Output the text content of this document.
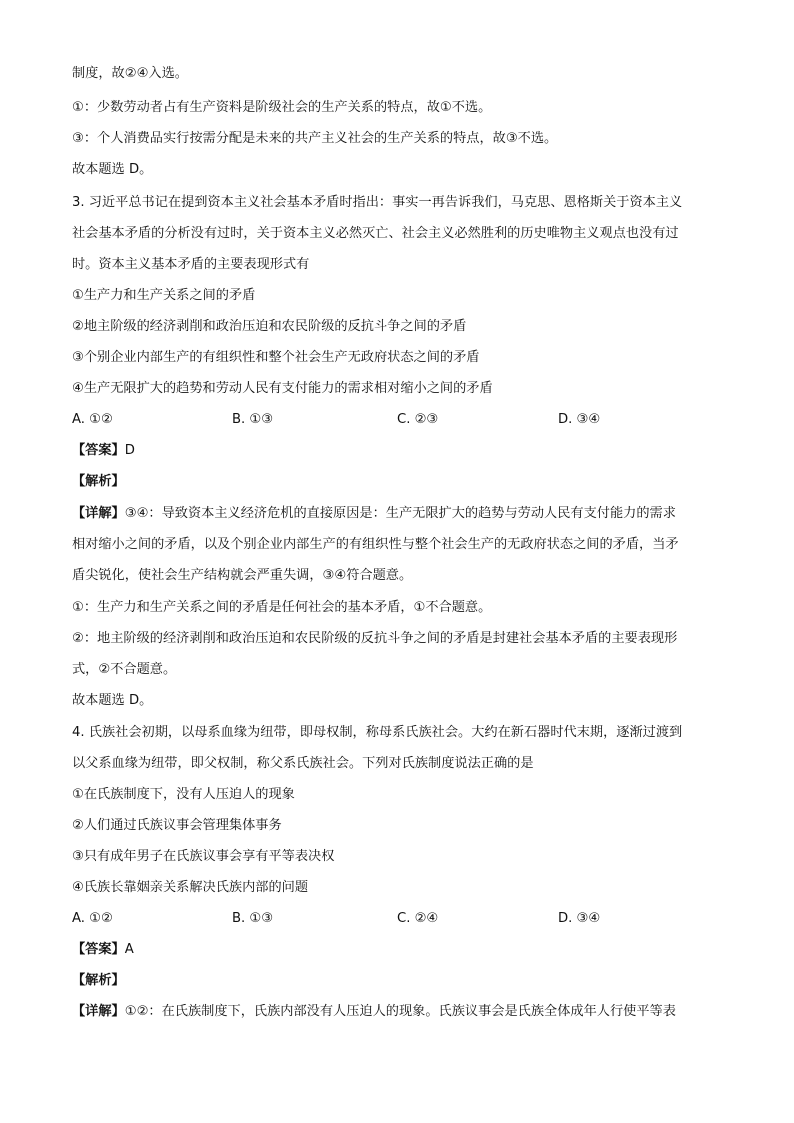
制度，故②④入选。
①：少数劳动者占有生产资料是阶级社会的生产关系的特点，故①不选。
③：个人消费品实行按需分配是未来的共产主义社会的生产关系的特点，故③不选。
故本题选 D。
3. 习近平总书记在提到资本主义社会基本矛盾时指出：事实一再告诉我们，马克思、恩格斯关于资本主义
社会基本矛盾的分析没有过时，关于资本主义必然灭亡、社会主义必然胜利的历史唯物主义观点也没有过
时。资本主义基本矛盾的主要表现形式有
①生产力和生产关系之间的矛盾
②地主阶级的经济剥削和政治压迫和农民阶级的反抗斗争之间的矛盾
③个别企业内部生产的有组织性和整个社会生产无政府状态之间的矛盾
④生产无限扩大的趋势和劳动人民有支付能力的需求相对缩小之间的矛盾
A. ①②	B. ①③	C. ②③	D. ③④
【答案】D
【解析】
【详解】③④：导致资本主义经济危机的直接原因是：生产无限扩大的趋势与劳动人民有支付能力的需求
相对缩小之间的矛盾，以及个别企业内部生产的有组织性与整个社会生产的无政府状态之间的矛盾，当矛
盾尖锐化，使社会生产结构就会严重失调，③④符合题意。
①：生产力和生产关系之间的矛盾是任何社会的基本矛盾，①不合题意。
②：地主阶级的经济剥削和政治压迫和农民阶级的反抗斗争之间的矛盾是封建社会基本矛盾的主要表现形
式，②不合题意。
故本题选 D。
4. 氏族社会初期，以母系血缘为纽带，即母权制，称母系氏族社会。大约在新石器时代末期，逐渐过渡到
以父系血缘为纽带，即父权制，称父系氏族社会。下列对氏族制度说法正确的是
①在氏族制度下，没有人压迫人的现象
②人们通过氏族议事会管理集体事务
③只有成年男子在氏族议事会享有平等表决权
④氏族长靠姻亲关系解决氏族内部的问题
A. ①②	B. ①③	C. ②④	D. ③④
【答案】A
【解析】
【详解】①②：在氏族制度下，氏族内部没有人压迫人的现象。氏族议事会是氏族全体成年人行使平等表
